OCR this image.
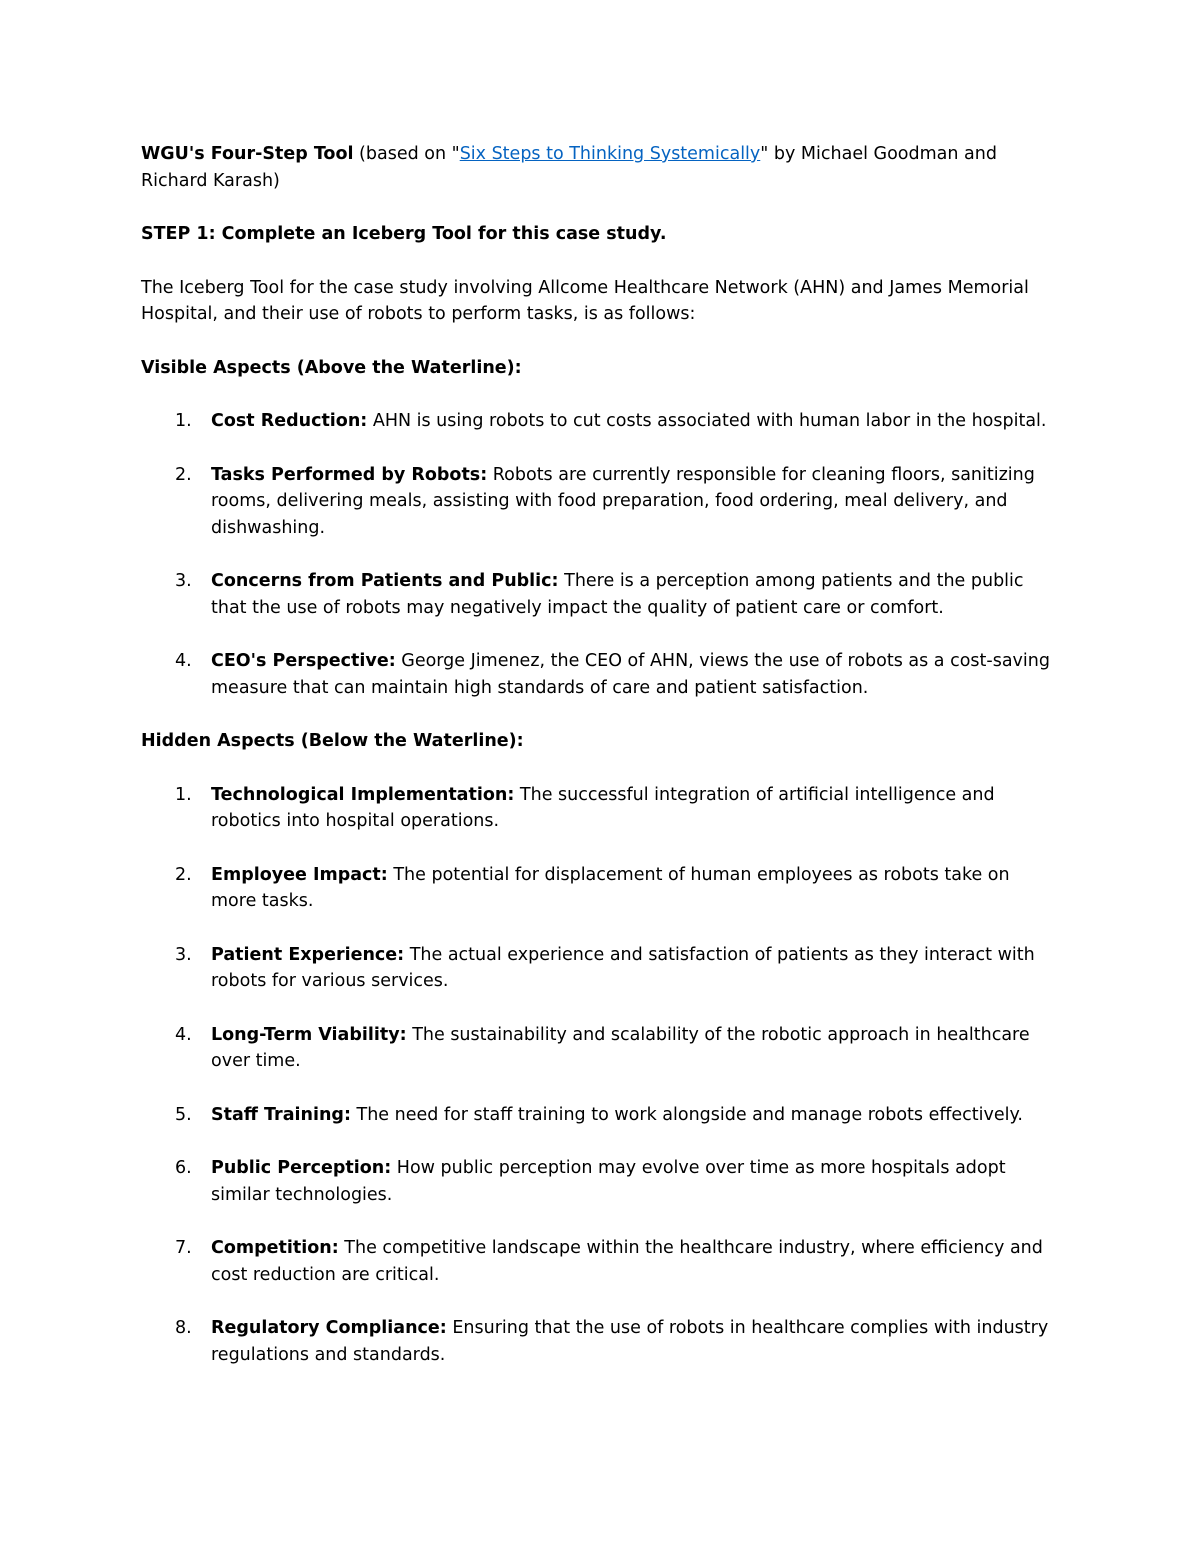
WGU's Four-Step Tool (based on "Six Steps to Thinking Systemically" by Michael Goodman and Richard Karash)

STEP 1: Complete an Iceberg Tool for this case study.

The Iceberg Tool for the case study involving Allcome Healthcare Network (AHN) and James Memorial Hospital, and their use of robots to perform tasks, is as follows:

Visible Aspects (Above the Waterline):

1. Cost Reduction: AHN is using robots to cut costs associated with human labor in the hospital.
2. Tasks Performed by Robots: Robots are currently responsible for cleaning floors, sanitizing rooms, delivering meals, assisting with food preparation, food ordering, meal delivery, and dishwashing.
3. Concerns from Patients and Public: There is a perception among patients and the public that the use of robots may negatively impact the quality of patient care or comfort.
4. CEO's Perspective: George Jimenez, the CEO of AHN, views the use of robots as a cost-saving measure that can maintain high standards of care and patient satisfaction.

Hidden Aspects (Below the Waterline):

1. Technological Implementation: The successful integration of artificial intelligence and robotics into hospital operations.
2. Employee Impact: The potential for displacement of human employees as robots take on more tasks.
3. Patient Experience: The actual experience and satisfaction of patients as they interact with robots for various services.
4. Long-Term Viability: The sustainability and scalability of the robotic approach in healthcare over time.
5. Staff Training: The need for staff training to work alongside and manage robots effectively.
6. Public Perception: How public perception may evolve over time as more hospitals adopt similar technologies.
7. Competition: The competitive landscape within the healthcare industry, where efficiency and cost reduction are critical.
8. Regulatory Compliance: Ensuring that the use of robots in healthcare complies with industry regulations and standards.
